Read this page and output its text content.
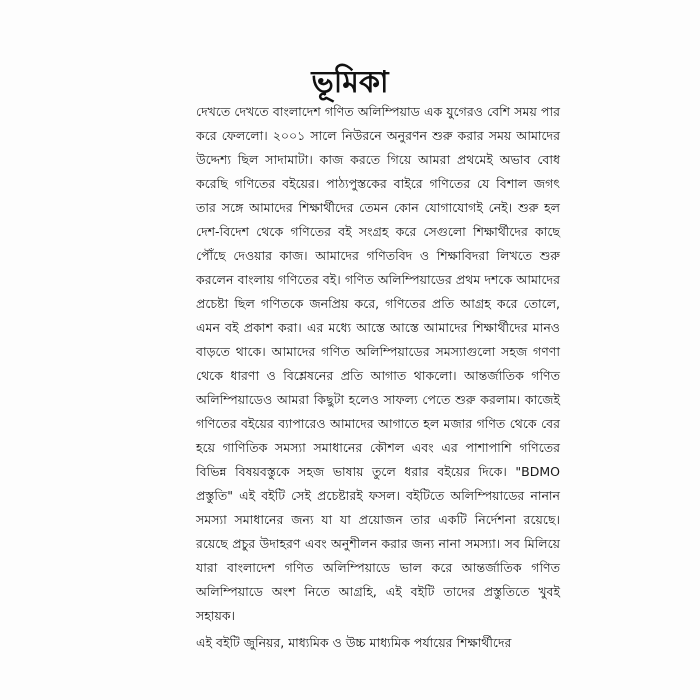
ভূমিকা

দেখতে দেখতে বাংলাদেশ গণিত অলিম্পিয়াড এক যুগেরও বেশি সময় পার করে ফেললো। ২০০১ সালে নিউরনে অনুরণন শুরু করার সময় আমাদের উদ্দেশ্য ছিল সাদামাটা। কাজ করতে গিয়ে আমরা প্রথমেই অভাব বোধ করেছি গণিতের বইয়ের। পাঠ্যপুস্তকের বাইরে গণিতের যে বিশাল জগৎ তার সঙ্গে আমাদের শিক্ষার্থীদের তেমন কোন যোগাযোগই নেই। শুরু হল দেশ-বিদেশ থেকে গণিতের বই সংগ্রহ করে সেগুলো শিক্ষার্থীদের কাছে পৌঁছে দেওয়ার কাজ। আমাদের গণিতবিদ ও শিক্ষাবিদরা লিখতে শুরু করলেন বাংলায় গণিতের বই। গণিত অলিম্পিয়াডের প্রথম দশকে আমাদের প্রচেষ্টা ছিল গণিতকে জনপ্রিয় করে, গণিতের প্রতি আগ্রহ করে তোলে, এমন বই প্রকাশ করা। এর মধ্যে আস্তে আস্তে আমাদের শিক্ষার্থীদের মানও বাড়তে থাকে। আমাদের গণিত অলিম্পিয়াডের সমস্যাগুলো সহজ গণণা থেকে ধারণা ও বিশ্লেষনের প্রতি আগাত থাকলো। আন্তর্জাতিক গণিত অলিম্পিয়াডেও আমরা কিছুটা হলেও সাফল্য পেতে শুরু করলাম। কাজেই গণিতের বইয়ের ব্যাপারেও আমাদের আগাতে হল মজার গণিত থেকে বের হয়ে গাণিতিক সমস্যা সমাধানের কৌশল এবং এর পাশাপাশি গণিতের বিভিন্ন বিষয়বস্তুকে সহজ ভাষায় তুলে ধরার বইয়ের দিকে। "BDMO প্রস্তুতি" এই বইটি সেই প্রচেষ্টারই ফসল। বইটিতে অলিম্পিয়াডের নানান সমস্যা সমাধানের জন্য যা যা প্রয়োজন তার একটি নির্দেশনা রয়েছে। রয়েছে প্রচুর উদাহরণ এবং অনুশীলন করার জন্য নানা সমস্যা। সব মিলিয়ে যারা বাংলাদেশ গণিত অলিম্পিয়াডে ভাল করে আন্তর্জাতিক গণিত অলিম্পিয়াডে অংশ নিতে আগ্রহি, এই বইটি তাদের প্রস্তুতিতে খুবই সহায়ক।

এই বইটি জুনিয়র, মাধ্যমিক ও উচ্চ মাধ্যমিক পর্যায়ের শিক্ষার্থীদের
